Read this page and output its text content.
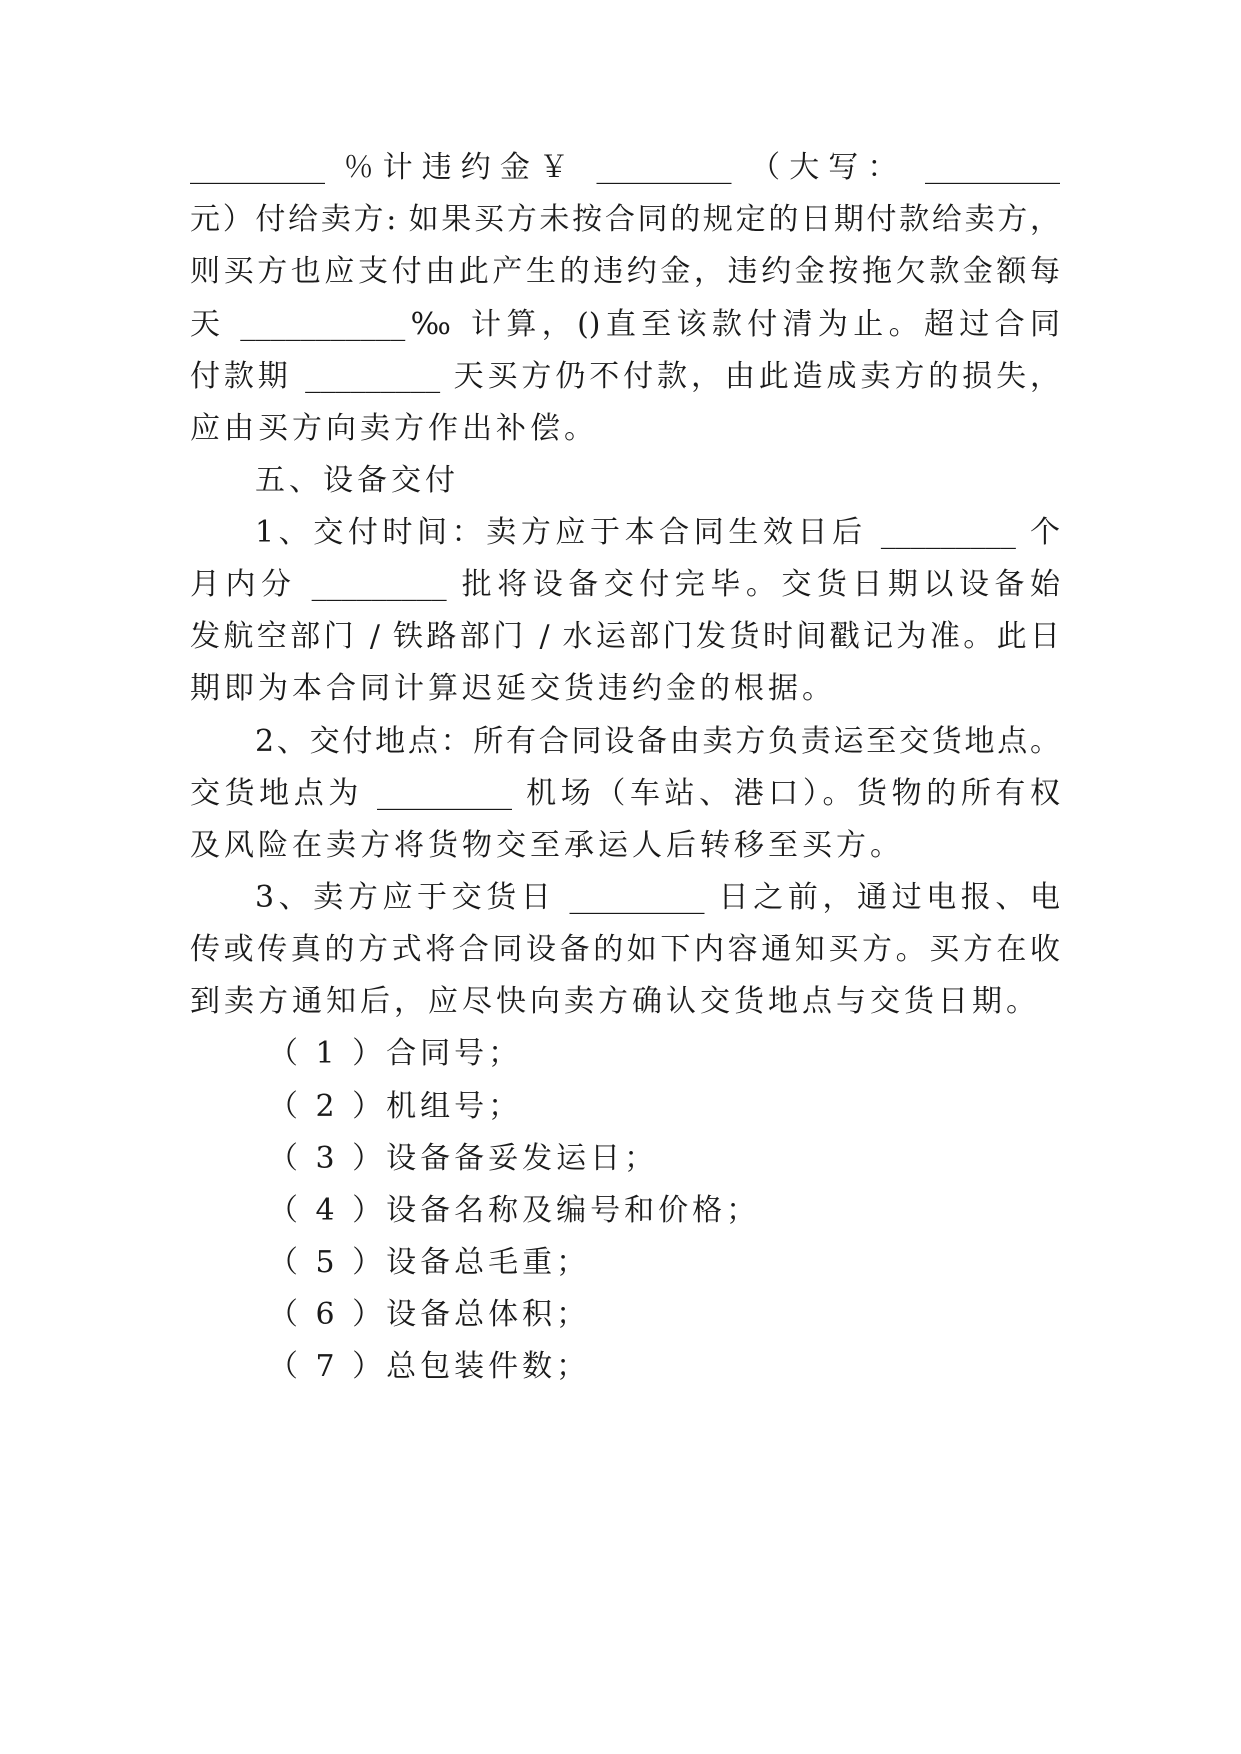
_________ ％计违约金￥ _________ （大写： _________
元）付给卖方: 如果买方未按合同的规定的日期付款给卖方，
则买方也应支付由此产生的违约金，违约金按拖欠款金额每
天 ___________‰ 计算，()直至该款付清为止。超过合同
付款期 _________ 天买方仍不付款，由此造成卖方的损失，
应由买方向卖方作出补偿。
五、设备交付
1、交付时间：卖方应于本合同生效日后 _________ 个
月内分 _________ 批将设备交付完毕。交货日期以设备始
发航空部门 / 铁路部门 / 水运部门发货时间戳记为准。此日
期即为本合同计算迟延交货违约金的根据。
2、交付地点：所有合同设备由卖方负责运至交货地点。
交货地点为 _________ 机场（车站、港口）。货物的所有权
及风险在卖方将货物交至承运人后转移至买方。
3、卖方应于交货日 _________ 日之前，通过电报、电
传或传真的方式将合同设备的如下内容通知买方。买方在收
到卖方通知后，应尽快向卖方确认交货地点与交货日期。
（ 1 ）合同号；
（ 2 ）机组号；
（ 3 ）设备备妥发运日；
（ 4 ）设备名称及编号和价格；
（ 5 ）设备总毛重；
（ 6 ）设备总体积；
（ 7 ）总包装件数；
